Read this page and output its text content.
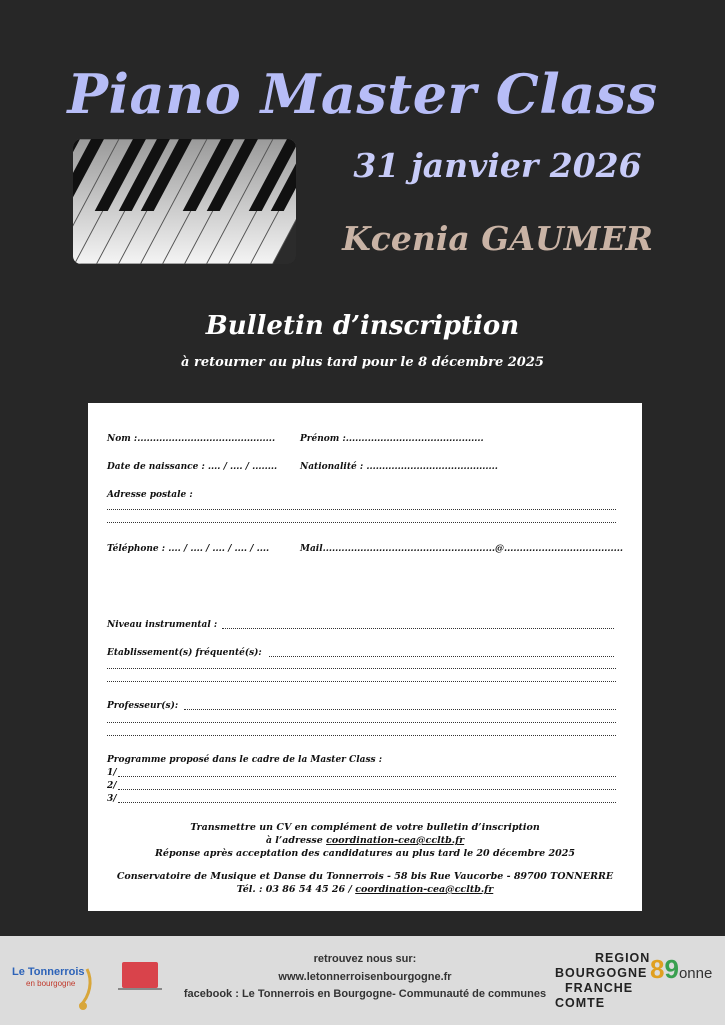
Piano Master Class
31 janvier 2026
Kcenia GAUMER
Bulletin d’inscription
à retourner au plus tard pour le 8 décembre 2025
Nom :............................................	Prénom :............................................
Date de naissance : .... / .... / ........	Nationalité : ..........................................
Adresse postale :
Téléphone : .... / .... / .... / .... / ....	Mail.......................................................@......................................
Niveau instrumental :
Etablissement(s) fréquenté(s):
Professeur(s):
Programme proposé dans le cadre de la Master Class :
1/
2/
3/
Transmettre un CV en complément de votre bulletin d’inscription
à l’adresse coordination-cea@ccltb.fr
Réponse après acceptation des candidatures au plus tard le 20 décembre 2025
Conservatoire de Musique et Danse du Tonnerrois - 58 bis Rue Vaucorbe - 89700 TONNERRE
Tél. : 03 86 54 45 26 / coordination-cea@ccltb.fr
Le Tonnerrois
en bourgogne
retrouvez nous sur:
www.letonnerroisenbourgogne.fr
facebook : Le Tonnerrois en Bourgogne- Communauté de communes
REGION
BOURGOGNE
FRANCHE
COMTE
89onne
